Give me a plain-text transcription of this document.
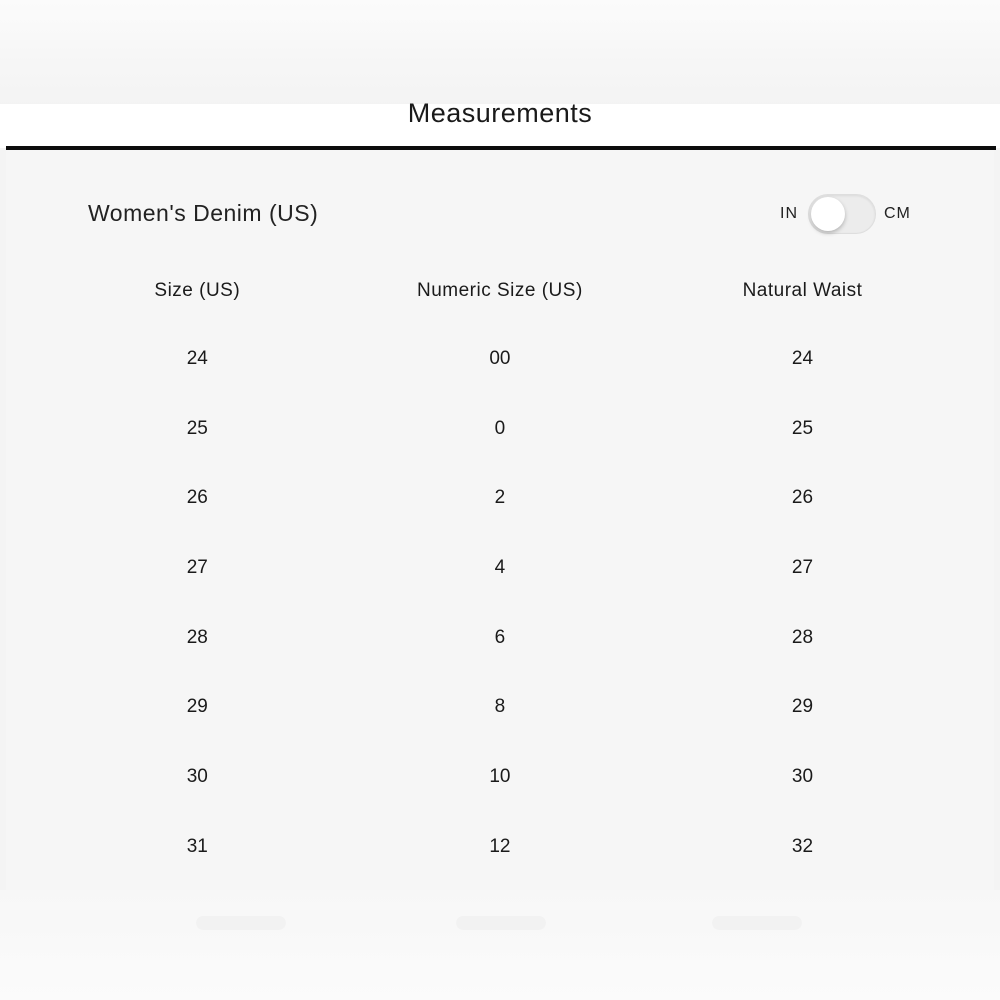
Measurements
Women's Denim (US)	IN	CM
Size (US)	Numeric Size (US)	Natural Waist
24	00	24
25	0	25
26	2	26
27	4	27
28	6	28
29	8	29
30	10	30
31	12	32
